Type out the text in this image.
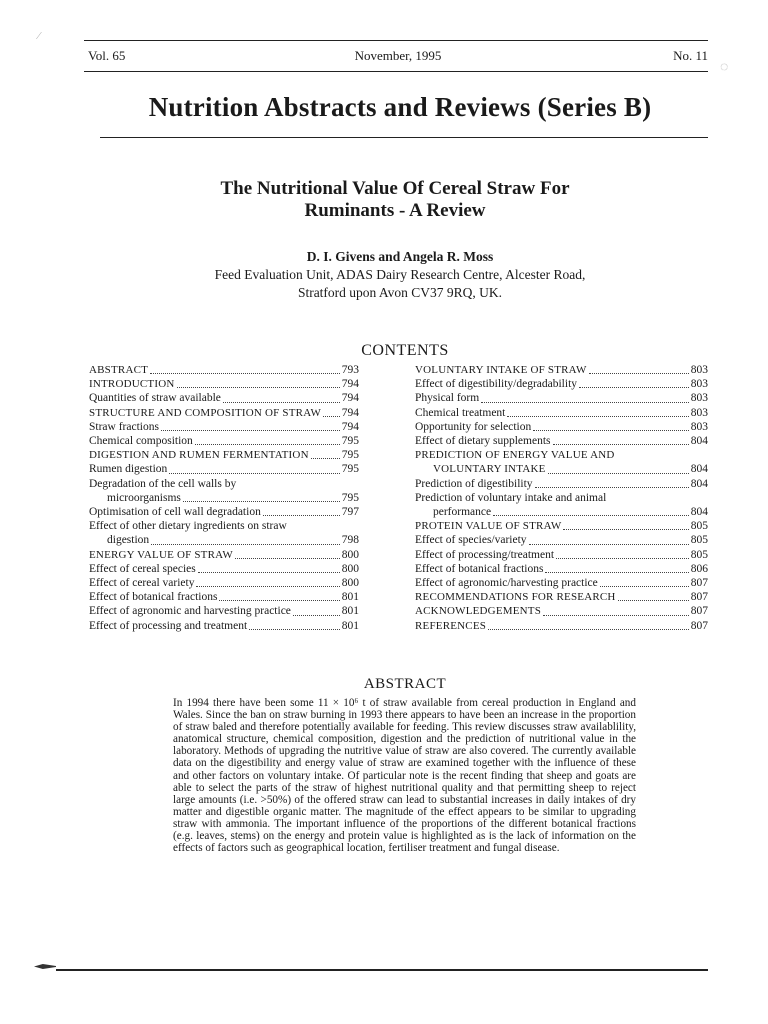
⁄
◌
Vol. 65	November, 1995	No. 11
Nutrition Abstracts and Reviews (Series B)
The Nutritional Value Of Cereal Straw For
Ruminants - A Review
D. I. Givens and Angela R. Moss
Feed Evaluation Unit, ADAS Dairy Research Centre, Alcester Road,
Stratford upon Avon CV37 9RQ, UK.
CONTENTS
ABSTRACT	793
INTRODUCTION	794
Quantities of straw available	794
STRUCTURE AND COMPOSITION OF STRAW 794
Straw fractions	794
Chemical composition	795
DIGESTION AND RUMEN FERMENTATION	795
Rumen digestion	795
Degradation of the cell walls by
microorganisms	795
Optimisation of cell wall degradation	797
Effect of other dietary ingredients on straw
digestion	798
ENERGY VALUE OF STRAW	800
Effect of cereal species	800
Effect of cereal variety	800
Effect of botanical fractions	801
Effect of agronomic and harvesting practice	801
Effect of processing and treatment	801
VOLUNTARY INTAKE OF STRAW	803
Effect of digestibility/degradability	803
Physical form	803
Chemical treatment	803
Opportunity for selection	803
Effect of dietary supplements	804
PREDICTION OF ENERGY VALUE AND
VOLUNTARY INTAKE	804
Prediction of digestibility	804
Prediction of voluntary intake and animal
performance	804
PROTEIN VALUE OF STRAW	805
Effect of species/variety	805
Effect of processing/treatment	805
Effect of botanical fractions	806
Effect of agronomic/harvesting practice	807
RECOMMENDATIONS FOR RESEARCH	807
ACKNOWLEDGEMENTS	807
REFERENCES	807
ABSTRACT
In 1994 there have been some 11 × 10⁶ t of straw available from cereal production in England and Wales. Since the ban on straw burning in 1993 there appears to have been an increase in the proportion of straw baled and therefore potentially available for feeding. This review discusses straw availablility, anatomical structure, chemical composition, digestion and the prediction of nutritional value in the laboratory. Methods of upgrading the nutritive value of straw are also covered. The currently available data on the digestibility and energy value of straw are examined together with the influence of these and other factors on voluntary intake. Of particular note is the recent finding that sheep and goats are able to select the parts of the straw of highest nutritional quality and that permitting sheep to reject large amounts (i.e. >50%) of the offered straw can lead to substantial increases in daily intakes of dry matter and digestible organic matter. The magnitude of the effect appears to be similar to upgrading straw with ammonia. The important influence of the proportions of the different botanical fractions (e.g. leaves, stems) on the energy and protein value is highlighted as is the lack of information on the effects of factors such as geographical location, fertiliser treatment and fungal disease.
